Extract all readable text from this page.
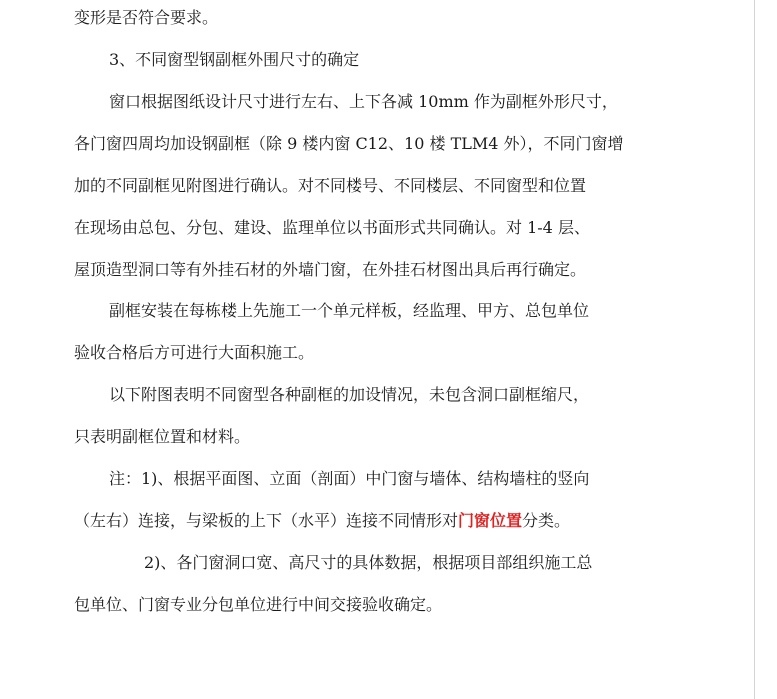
变形是否符合要求。
3、不同窗型钢副框外围尺寸的确定
窗口根据图纸设计尺寸进行左右、上下各减 10mm 作为副框外形尺寸，
各门窗四周均加设钢副框（除 9 楼内窗 C12、10 楼 TLM4 外），不同门窗增
加的不同副框见附图进行确认。对不同楼号、不同楼层、不同窗型和位置
在现场由总包、分包、建设、监理单位以书面形式共同确认。对 1-4 层、
屋顶造型洞口等有外挂石材的外墙门窗，在外挂石材图出具后再行确定。
副框安装在每栋楼上先施工一个单元样板，经监理、甲方、总包单位
验收合格后方可进行大面积施工。
以下附图表明不同窗型各种副框的加设情况，未包含洞口副框缩尺，
只表明副框位置和材料。
注：1)、根据平面图、立面（剖面）中门窗与墙体、结构墙柱的竖向
（左右）连接，与梁板的上下（水平）连接不同情形对门窗位置分类。
2)、各门窗洞口宽、高尺寸的具体数据，根据项目部组织施工总
包单位、门窗专业分包单位进行中间交接验收确定。
